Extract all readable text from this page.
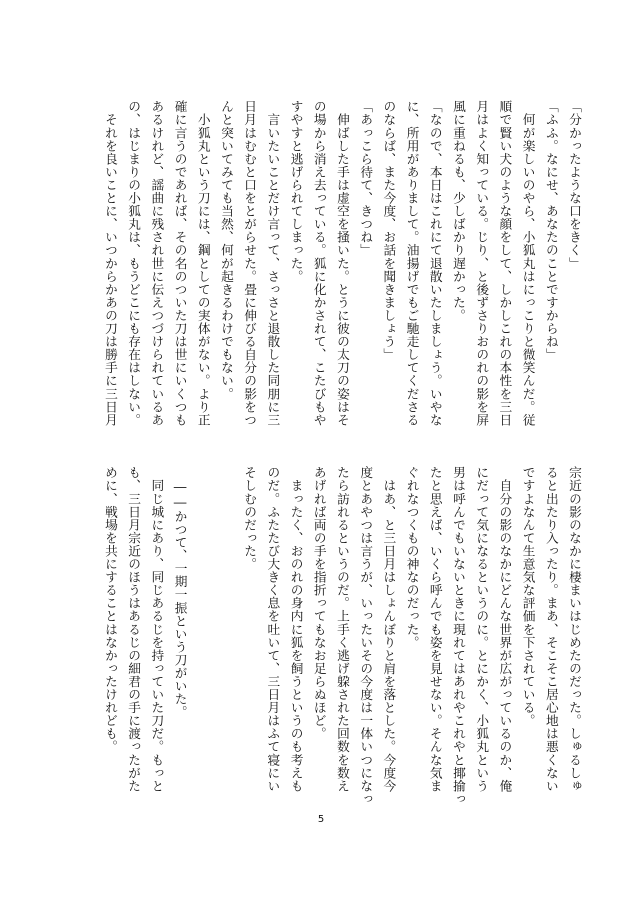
「分かったような口をきく」
「ふふ。なにせ、あなたのことですからね」
　何が楽しいのやら、小狐丸はにっこりと微笑んだ。従
順で賢い犬のような顔をして、しかしこれの本性を三日
月はよく知っている。じり、と後ずさりおのれの影を屏
風に重ねるも、少しばかり遅かった。
「なので、本日はこれにて退散いたしましょう。いやな
に、所用がありまして。油揚げでもご馳走してくださる
のならば、また今度、お話を聞きましょう」
「あっこら待て、きつね」
　伸ばした手は虚空を掻いた。とうに彼の太刀の姿はそ
の場から消え去っている。狐に化かされて、こたびもや
すやすと逃げられてしまった。
　言いたいことだけ言って、さっさと退散した同朋に三
日月はむむと口をとがらせた。畳に伸びる自分の影をつ
んと突いてみても当然、何が起きるわけでもない。
　小狐丸という刀には、鋼としての実体がない。より正
確に言うのであれば、その名のついた刀は世にいくつも
あるけれど、謡曲に残され世に伝えつづけられているあ
の、はじまりの小狐丸は、もうどこにも存在はしない。
　それを良いことに、いつからかあの刀は勝手に三日月
宗近の影のなかに棲まいはじめたのだった。しゅるしゅ
ると出たり入ったり。まあ、そこそこ居心地は悪くない
ですよなんて生意気な評価を下されている。
　自分の影のなかにどんな世界が広がっているのか、俺
にだって気になるというのに。とにかく、小狐丸という
男は呼んでもいないときに現れてはあれやこれやと揶揄っ
たと思えば、いくら呼んでも姿を見せない。そんな気ま
ぐれなつくもの神なのだった。
　はあ、と三日月はしょんぼりと肩を落とした。今度今
度とあやつは言うが、いったいその今度は一体いつになっ
たら訪れるというのだ。上手く逃げ躱された回数を数え
あげれば両の手を指折ってもなお足らぬほど。
　まったく、おのれの身内に狐を飼うというのも考えも
のだ。ふたたび大きく息を吐いて、三日月はふて寝にい
そしむのだった。

　――かつて、一期一振という刀がいた。
　同じ城にあり、同じあるじを持っていた刀だ。もっと
も、三日月宗近のほうはあるじの細君の手に渡ったがた
めに、戦場を共にすることはなかったけれども。
5
